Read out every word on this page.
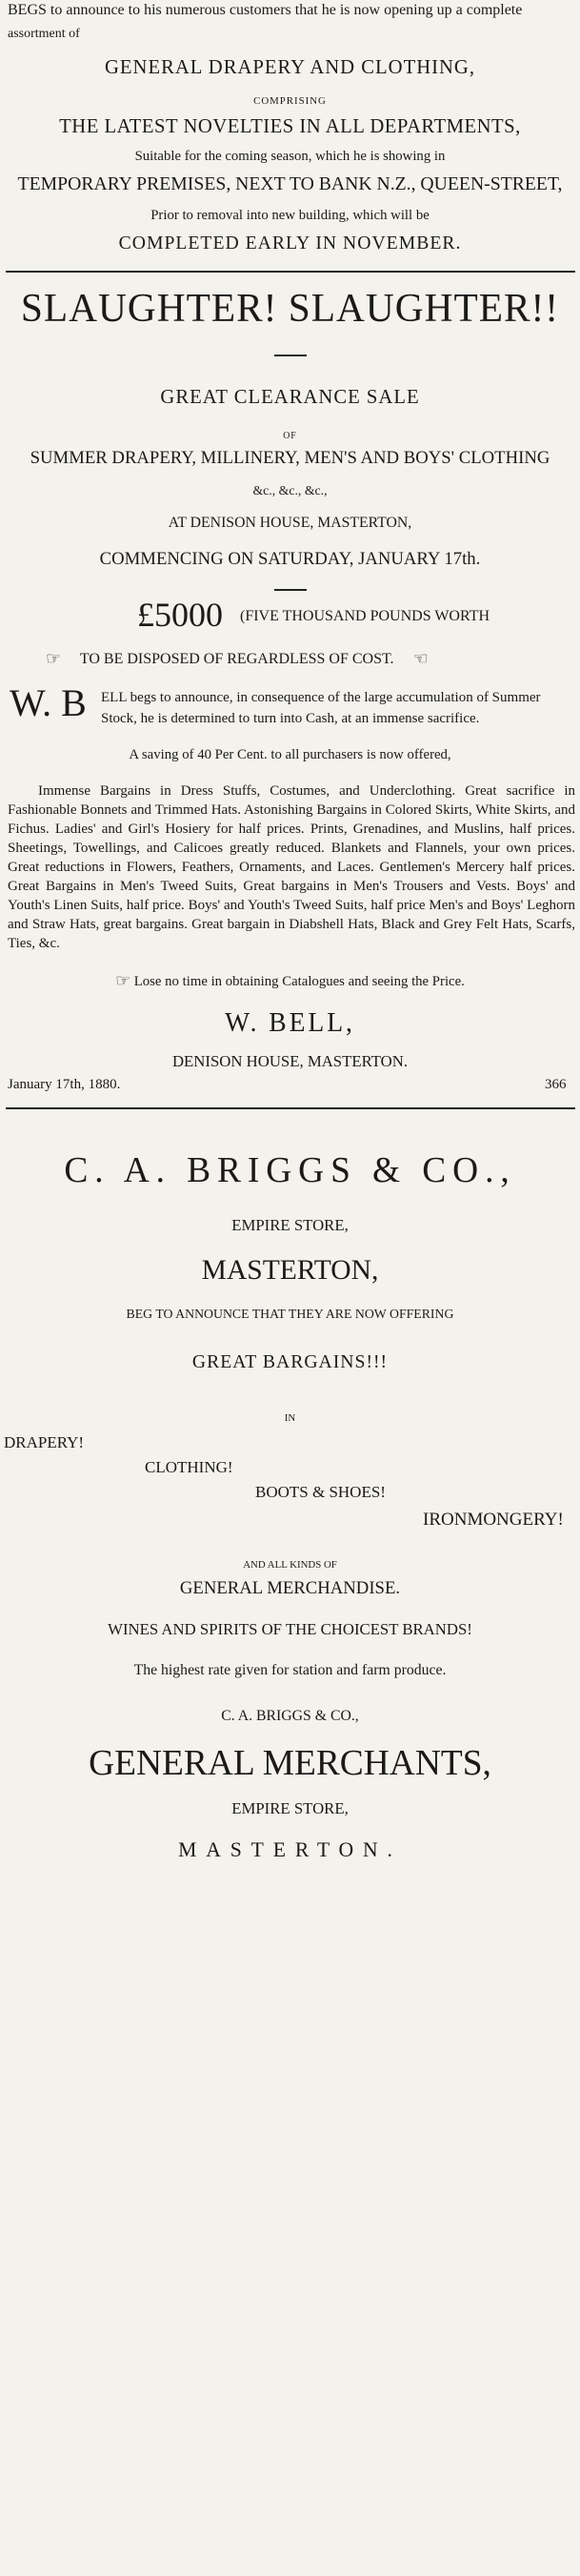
BEGS to announce to his numerous customers that he is now opening up a complete
assortment of
GENERAL DRAPERY AND CLOTHING,
COMPRISING
THE LATEST NOVELTIES IN ALL DEPARTMENTS,
Suitable for the coming season, which he is showing in
TEMPORARY PREMISES, NEXT TO BANK N.Z., QUEEN-STREET,
Prior to removal into new building, which will be
COMPLETED EARLY IN NOVEMBER.
SLAUGHTER! SLAUGHTER!!
GREAT CLEARANCE SALE
OF
SUMMER DRAPERY, MILLINERY, MEN'S AND BOYS' CLOTHING
&c., &c., &c.,
AT DENISON HOUSE, MASTERTON,
COMMENCING ON SATURDAY, JANUARY 17th.
£5000 (FIVE THOUSAND POUNDS WORTH
☞ TO BE DISPOSED OF REGARDLESS OF COST. ☜
W. B ELL begs to announce, in consequence of the large accumulation of Summer
Stock, he is determined to turn into Cash, at an immense sacrifice.
A saving of 40 Per Cent. to all purchasers is now offered,
Immense Bargains in Dress Stuffs, Costumes, and Underclothing. Great sacrifice in Fashionable Bonnets and Trimmed Hats. Astonishing Bargains in Colored Skirts, White Skirts, and Fichus. Ladies' and Girl's Hosiery for half prices. Prints, Grenadines, and Muslins, half prices. Sheetings, Towellings, and Calicoes greatly reduced. Blankets and Flannels, your own prices. Great reductions in Flowers, Feathers, Ornaments, and Laces. Gentlemen's Mercery half prices. Great Bargains in Men's Tweed Suits, Great bargains in Men's Trousers and Vests. Boys' and Youth's Linen Suits, half price. Boys' and Youth's Tweed Suits, half price Men's and Boys' Leghorn and Straw Hats, great bargains. Great bargain in Diabshell Hats, Black and Grey Felt Hats, Scarfs, Ties, &c.
☞ Lose no time in obtaining Catalogues and seeing the Price.
W. BELL,
DENISON HOUSE, MASTERTON.
January 17th, 1880.	366
C. A. BRIGGS & CO.,
EMPIRE STORE,
MASTERTON,
BEG TO ANNOUNCE THAT THEY ARE NOW OFFERING
GREAT BARGAINS!!!
IN
DRAPERY!
CLOTHING!
BOOTS & SHOES!
IRONMONGERY!
AND ALL KINDS OF
GENERAL MERCHANDISE.
WINES AND SPIRITS OF THE CHOICEST BRANDS!
The highest rate given for station and farm produce.
C. A. BRIGGS & CO.,
GENERAL MERCHANTS,
EMPIRE STORE,
MASTERTON.
